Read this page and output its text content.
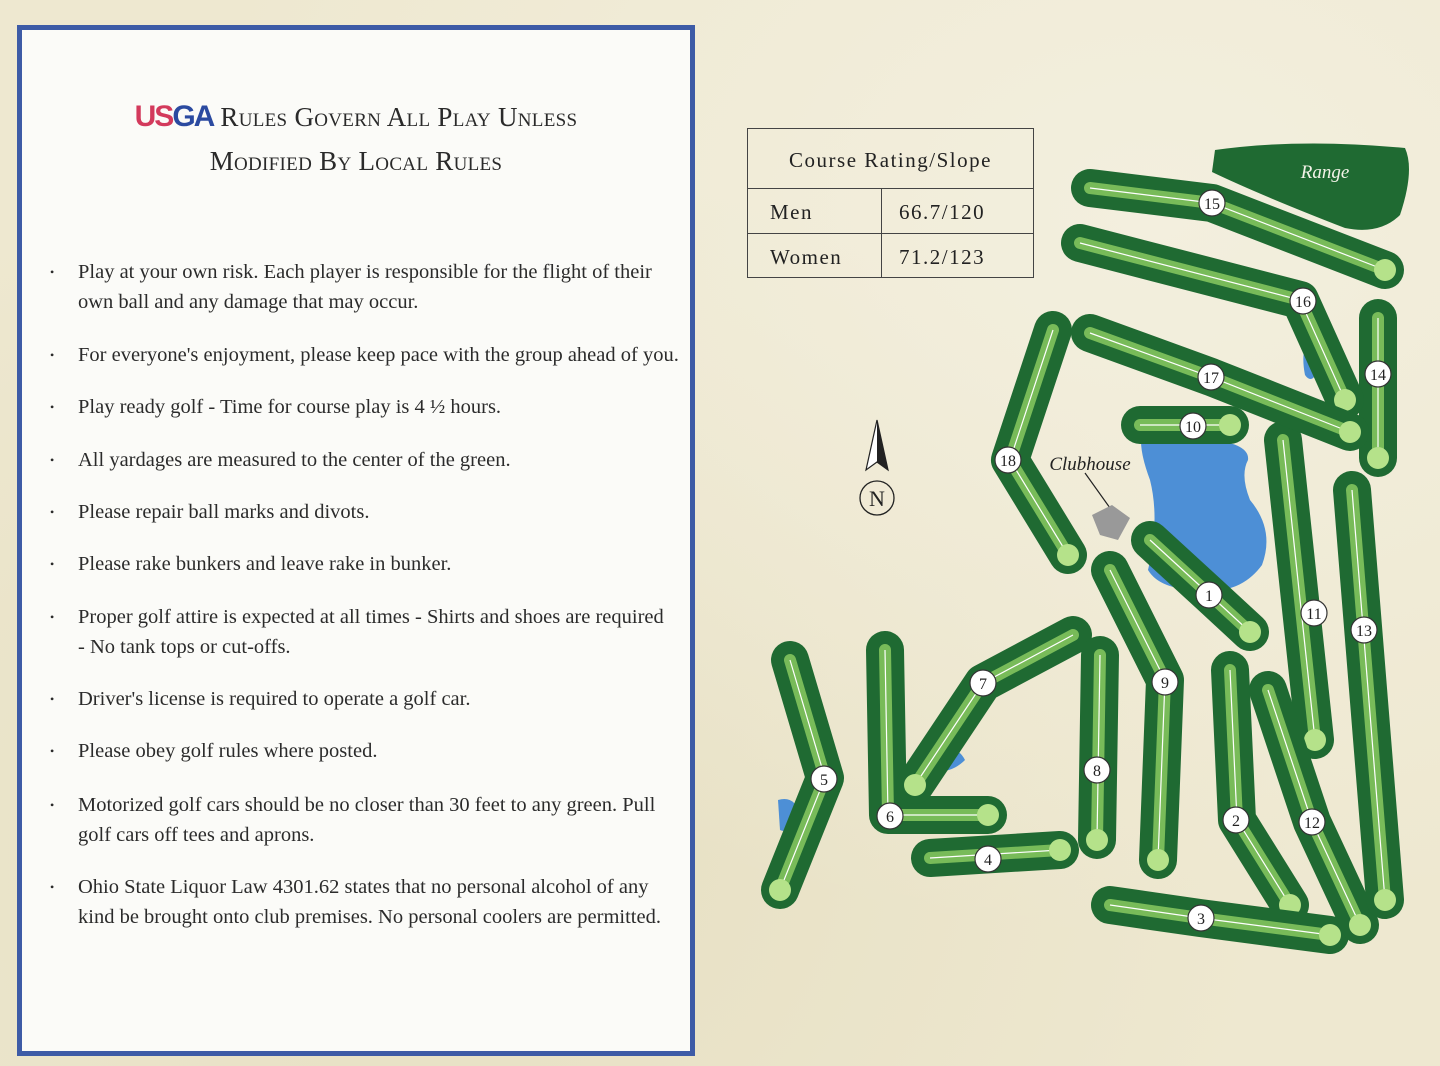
USGA Rules Govern All Play Unless
Modified By Local Rules
• Play at your own risk. Each player is responsible for the flight of their
own ball and any damage that may occur.
• For everyone's enjoyment, please keep pace with the group ahead of you.
• Play ready golf - Time for course play is 4 ½ hours.
• All yardages are measured to the center of the green.
• Please repair ball marks and divots.
• Please rake bunkers and leave rake in bunker.
• Proper golf attire is expected at all times - Shirts and shoes are required
- No tank tops or cut-offs.
• Driver's license is required to operate a golf car.
• Please obey golf rules where posted.
• Motorized golf cars should be no closer than 30 feet to any green. Pull
golf cars off tees and aprons.
• Ohio State Liquor Law 4301.62 states that no personal alcohol of any
kind be brought onto club premises. No personal coolers are permitted.
Course Rating/Slope
Men	66.7/120
Women	71.2/123
Range
1
2
3
4
5
6
7
8
9
10
11
12
13
14
15
16
17
18 Clubhouse
N
